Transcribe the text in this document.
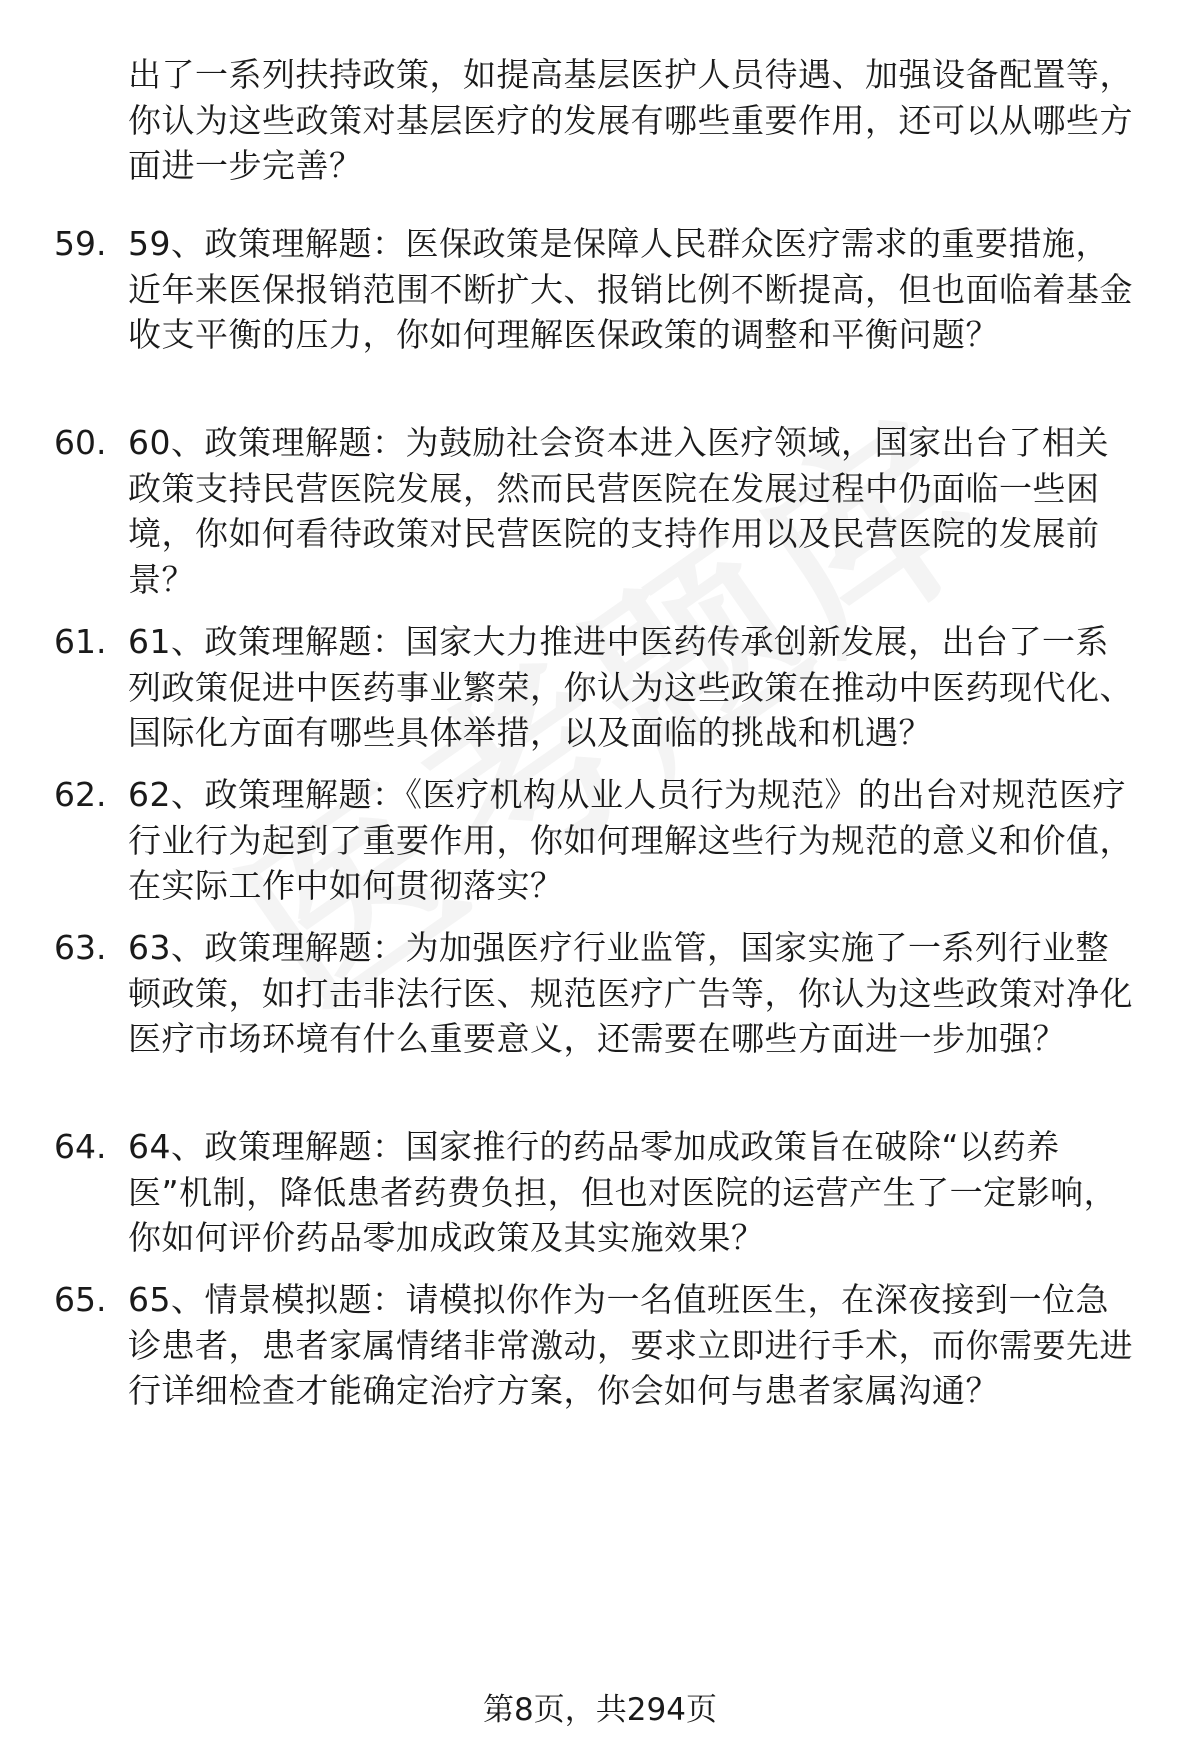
出了一系列扶持政策，如提高基层医护人员待遇、加强设备配置等，你认为这些政策对基层医疗的发展有哪些重要作用，还可以从哪些方面进一步完善？
59. 59、政策理解题：医保政策是保障人民群众医疗需求的重要措施，近年来医保报销范围不断扩大、报销比例不断提高，但也面临着基金收支平衡的压力，你如何理解医保政策的调整和平衡问题？
60. 60、政策理解题：为鼓励社会资本进入医疗领域，国家出台了相关政策支持民营医院发展，然而民营医院在发展过程中仍面临一些困境，你如何看待政策对民营医院的支持作用以及民营医院的发展前景？
61. 61、政策理解题：国家大力推进中医药传承创新发展，出台了一系列政策促进中医药事业繁荣，你认为这些政策在推动中医药现代化、国际化方面有哪些具体举措，以及面临的挑战和机遇？
62. 62、政策理解题：《医疗机构从业人员行为规范》的出台对规范医疗行业行为起到了重要作用，你如何理解这些行为规范的意义和价值，在实际工作中如何贯彻落实？
63. 63、政策理解题：为加强医疗行业监管，国家实施了一系列行业整顿政策，如打击非法行医、规范医疗广告等，你认为这些政策对净化医疗市场环境有什么重要意义，还需要在哪些方面进一步加强？
64. 64、政策理解题：国家推行的药品零加成政策旨在破除“以药养医”机制，降低患者药费负担，但也对医院的运营产生了一定影响，你如何评价药品零加成政策及其实施效果？
65. 65、情景模拟题：请模拟你作为一名值班医生，在深夜接到一位急诊患者，患者家属情绪非常激动，要求立即进行手术，而你需要先进行详细检查才能确定治疗方案，你会如何与患者家属沟通？
第8页，共294页
